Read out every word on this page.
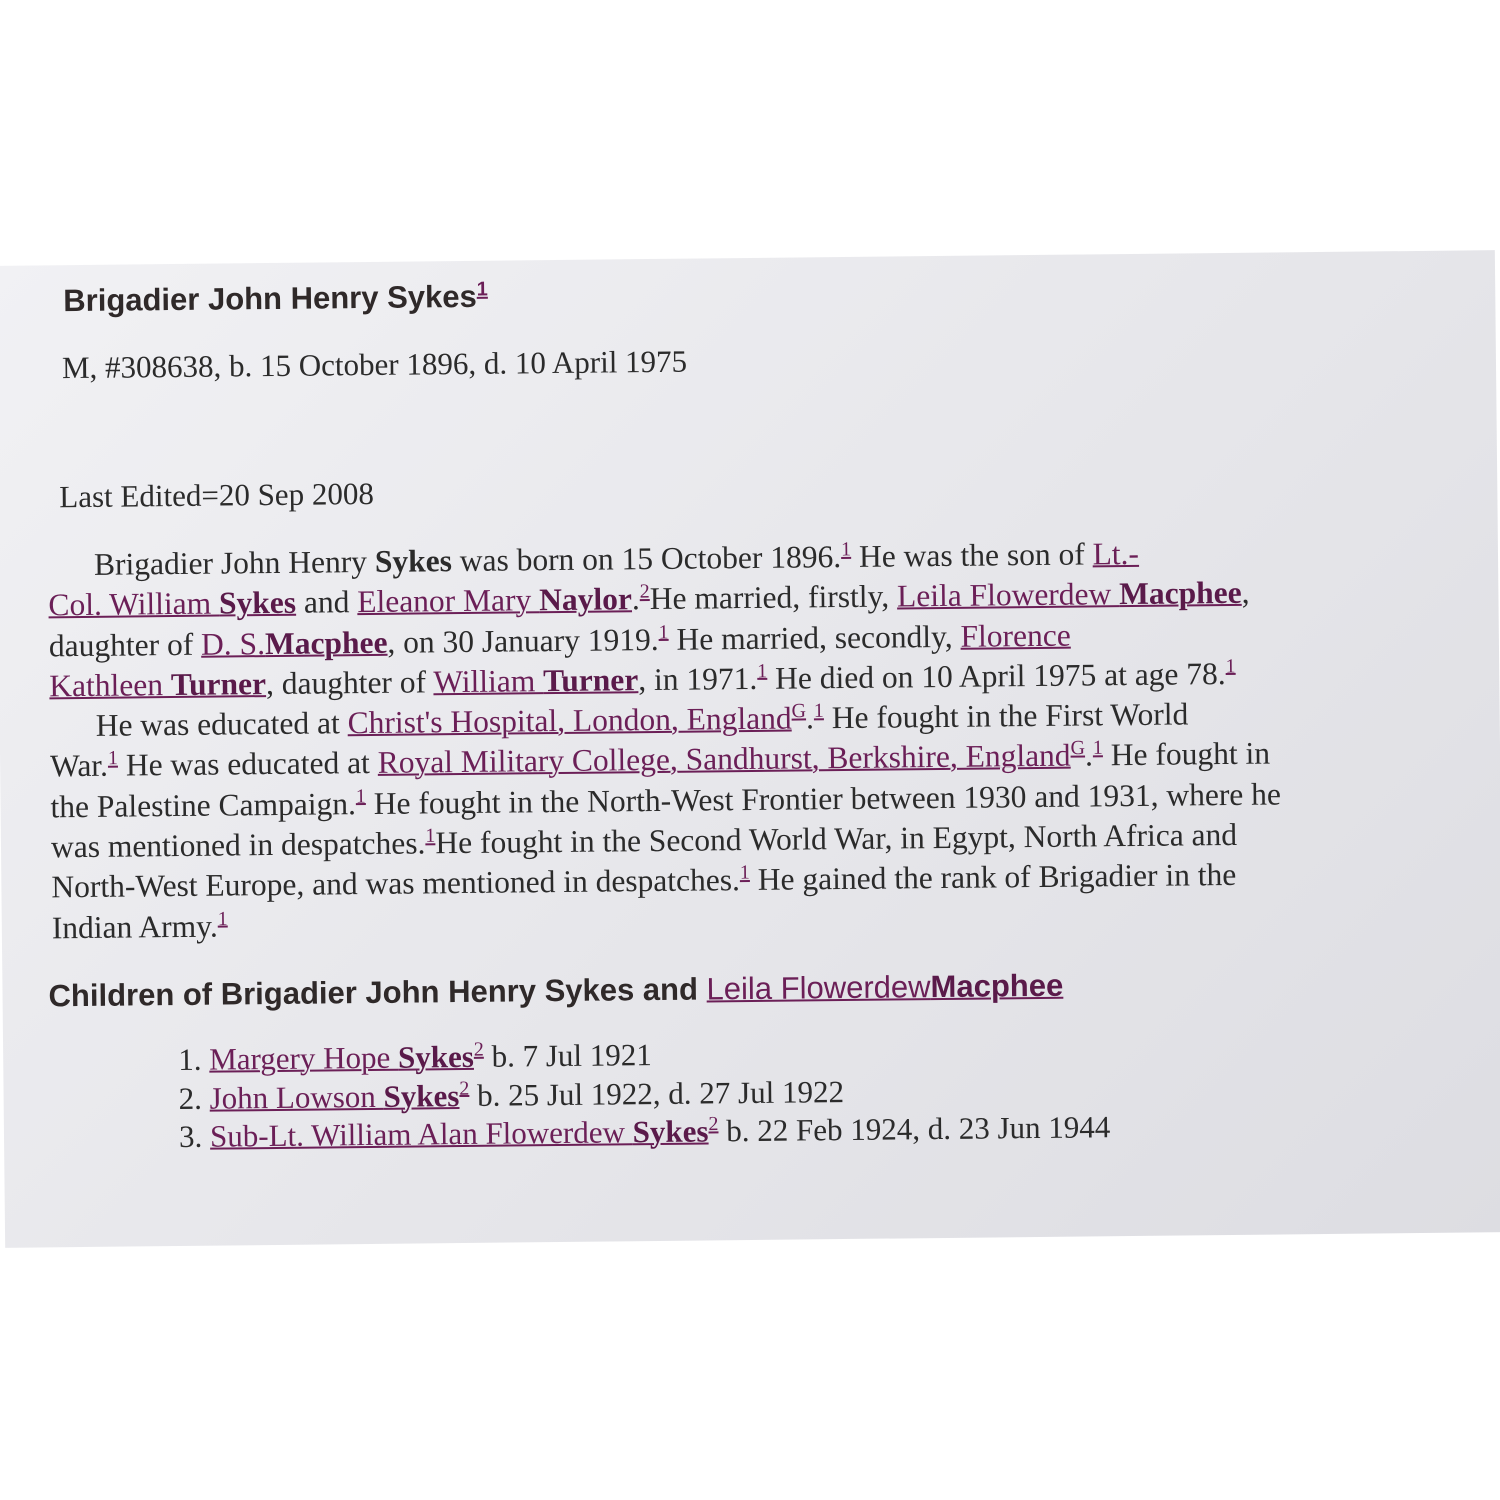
Brigadier John Henry Sykes$^1$
M, #308638, b. 15 October 1896, d. 10 April 1975
Last Edited=20 Sep 2008

Brigadier John Henry Sykes was born on 15 October 1896.$^1$ He was the son of Lt.-
Col. William Sykes and Eleanor Mary Naylor.$^2$He married, firstly, Leila Flowerdew Macphee,
daughter of D. S.Macphee, on 30 January 1919.$^1$ He married, secondly, Florence
Kathleen Turner, daughter of William Turner, in 1971.$^1$ He died on 10 April 1975 at age 78.$^1$

He was educated at Christ's Hospital, London, England$^G$.$^1$ He fought in the First World
War.$^1$ He was educated at Royal Military College, Sandhurst, Berkshire, England$^G$.$^1$ He fought in
the Palestine Campaign.$^1$ He fought in the North-West Frontier between 1930 and 1931, where he
was mentioned in despatches.$^1$He fought in the Second World War, in Egypt, North Africa and
North-West Europe, and was mentioned in despatches.$^1$ He gained the rank of Brigadier in the
Indian Army.$^1$

Children of Brigadier John Henry Sykes and Leila FlowerdewMacphee
1. Margery Hope Sykes$^2$ b. 7 Jul 1921
2. John Lowson Sykes$^2$ b. 25 Jul 1922, d. 27 Jul 1922
3. Sub-Lt. William Alan Flowerdew Sykes$^2$ b. 22 Feb 1924, d. 23 Jun 1944
